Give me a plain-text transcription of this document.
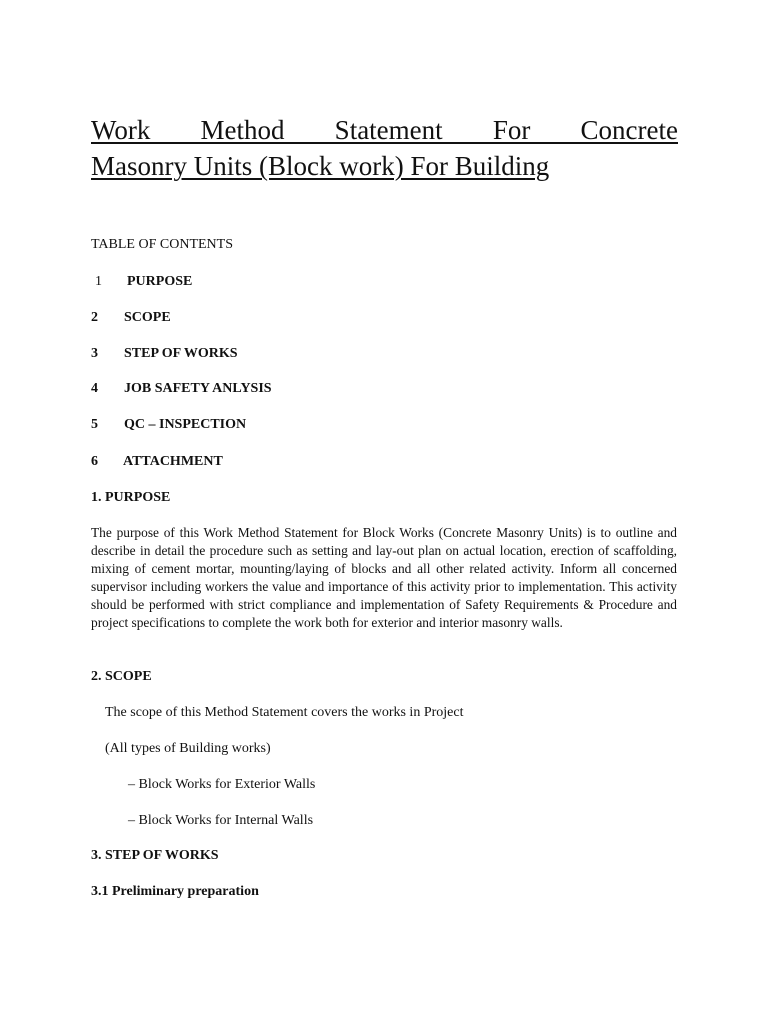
Work Method Statement For Concrete
Masonry Units (Block work) For Building
TABLE OF CONTENTS
1 PURPOSE
2 SCOPE
3 STEP OF WORKS
4 JOB SAFETY ANLYSIS
5 QC – INSPECTION
6 ATTACHMENT
1. PURPOSE

The purpose of this Work Method Statement for Block Works (Concrete Masonry Units) is to outline and describe in detail the procedure such as setting and lay-out plan on actual location, erection of scaffolding, mixing of cement mortar, mounting/laying of blocks and all other related activity. Inform all concerned supervisor including workers the value and importance of this activity prior to implementation. This activity should be performed with strict compliance and implementation of Safety Requirements & Procedure and project specifications to complete the work both for exterior and interior masonry walls.

2. SCOPE
The scope of this Method Statement covers the works in Project
(All types of Building works)
– Block Works for Exterior Walls
– Block Works for Internal Walls
3. STEP OF WORKS
3.1 Preliminary preparation
